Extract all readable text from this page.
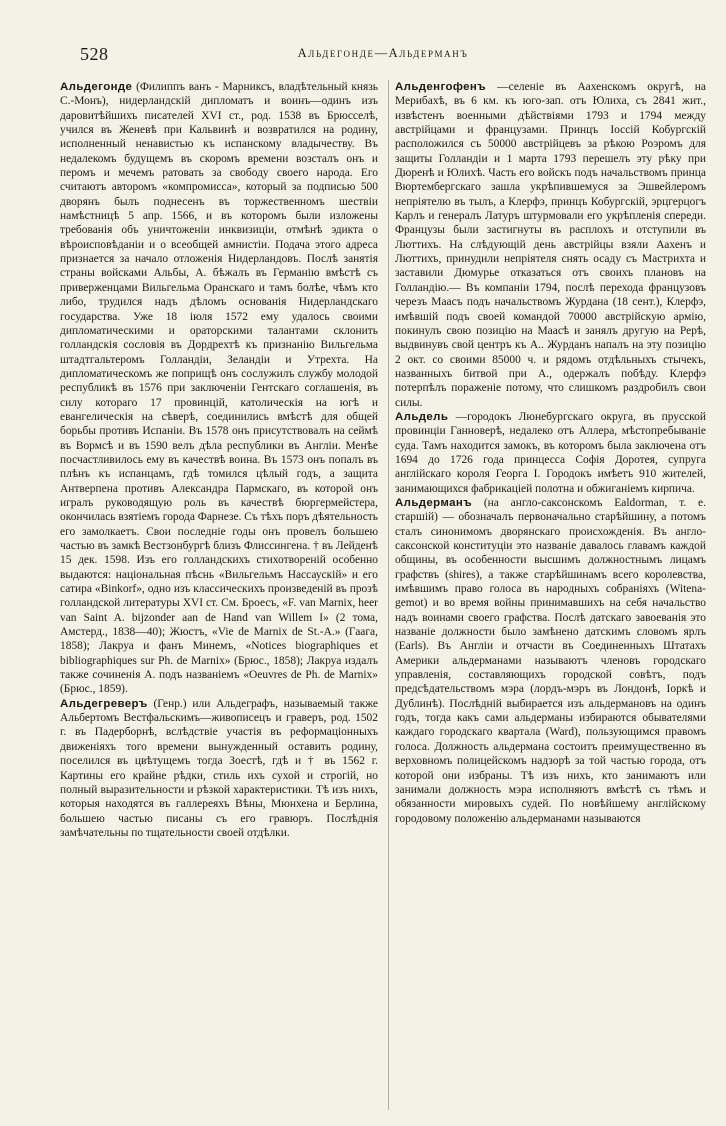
528	Альдегонде—Альдерманъ

Альдегонде (Филиппъ ванъ - Марниксъ, владѣтельный князь С.-Монъ), нидерландскій дипломатъ и воинъ—одинъ изъ даровитѣйшихъ писателей XVI ст., род. 1538 въ Брюсселѣ, учился въ Женевѣ при Кальвинѣ и возвратился на родину, исполненный ненавистью къ испанскому владычеству. Въ недалекомъ будущемъ въ скоромъ времени возсталъ онъ и перомъ и мечемъ ратовать за свободу своего народа. Его считаютъ авторомъ «компромисса», который за подписью 500 дворянъ былъ поднесенъ въ торжественномъ шествіи намѣстницѣ 5 апр. 1566, и въ которомъ были изложены требованія объ уничтоженіи инквизиціи, отмѣнѣ эдикта о вѣроисповѣданіи и о всеобщей амнистіи. Подача этого адреса признается за начало отложенія Нидерландовъ. Послѣ занятія страны войсками Альбы, А. бѣжалъ въ Германію вмѣстѣ съ приверженцами Вильгельма Оранскаго и тамъ болѣе, чѣмъ кто либо, трудился надъ дѣломъ основанія Нидерландскаго государства. Уже 18 іюля 1572 ему удалось своими дипломатическими и ораторскими талантами склонить голландскія сословія въ Дордрехтѣ къ признанію Вильгельма штадтгальтеромъ Голландіи, Зеландіи и Утрехта. На дипломатическомъ же поприщѣ онъ сослужилъ службу молодой республикѣ въ 1576 при заключеніи Гентскаго соглашенія, въ силу котораго 17 провинцій, католическія на югѣ и евангелическія на сѣверѣ, соединились вмѣстѣ для общей борьбы противъ Испаніи. Въ 1578 онъ присутствовалъ на сеймѣ въ Вормсѣ и въ 1590 велъ дѣла республики въ Англіи. Менѣе посчастливилось ему въ качествѣ воина. Въ 1573 онъ попалъ въ плѣнъ къ испанцамъ, гдѣ томился цѣлый годъ, а защита Антверпена противъ Александра Пармскаго, въ которой онъ игралъ руководящую роль въ качествѣ бюргермейстера, окончилась взятіемъ города Фарнезе. Съ тѣхъ поръ дѣятельность его замолкаетъ. Свои последніе годы онъ провелъ большею частью въ замкѣ Вестзонбургѣ близъ Флиссингена. † въ Лейденѣ 15 дек. 1598. Изъ его голландскихъ стихотвореній особенно выдаются: національная пѣснь «Вильгельмъ Нассаускій» и его сатира «Binkorf», одно изъ классическихъ произведеній въ прозѣ голландской литературы XVI ст. См. Броесъ, «F. van Marnix, heer van Saint A. bijzonder aan de Hand van Willem I» (2 тома, Амстерд., 1838—40); Жюстъ, «Vie de Marnix de St.-A.» (Гаага, 1858); Лакруа и фанъ Минемъ, «Notices biographiques et bibliographiques sur Ph. de Marnix» (Брюс., 1858); Лакруа издалъ также сочиненія А. подъ названіемъ «Oeuvres de Ph. de Marnix» (Брюс., 1859).

Альдегреверъ (Генр.) или Альдеграфъ, называемый также Альбертомъ Вестфальскимъ—живописецъ и граверъ, род. 1502 г. въ Падерборнѣ, вслѣдствіе участія въ реформаціонныхъ движеніяхъ того времени вынужденный оставить родину, поселился въ цвѣтущемъ тогда Зоестѣ, гдѣ и † въ 1562 г. Картины его крайне рѣдки, стиль ихъ сухой и строгій, но полный выразительности и рѣзкой характеристики. Тѣ изъ нихъ, которыя находятся въ галлереяхъ Вѣны, Мюнхена и Берлина, большею частью писаны съ его гравюръ. Послѣднія замѣчательны по тщательности своей отдѣлки.

Альденгофенъ —селеніе въ Аахенскомъ округѣ, на Мерибахѣ, въ 6 км. къ юго-зап. отъ Юлиха, съ 2841 жит., извѣстенъ военными дѣйствіями 1793 и 1794 между австрійцами и французами. Принцъ Іоссій Кобургскій расположился съ 50000 австрійцевъ за рѣкою Роэромъ для защиты Голландіи и 1 марта 1793 перешелъ эту рѣку при Дюренѣ и Юлихѣ. Часть его войскъ подъ начальствомъ принца Вюртембергскаго зашла укрѣпившемуся за Эшвейлеромъ непріятелю въ тылъ, а Клерфэ, принцъ Кобургскій, эрцгерцогъ Карлъ и генералъ Латуръ штурмовали его укрѣпленія спереди. Французы были застигнуты въ расплохъ и отступили въ Люттихъ. На слѣдующій день австрійцы взяли Аахенъ и Люттихъ, принудили непріятеля снять осаду съ Мастрихта и заставили Дюмурье отказаться отъ своихъ плановъ на Голландію.— Въ компаніи 1794, послѣ перехода французовъ черезъ Маасъ подъ начальствомъ Журдана (18 сент.), Клерфэ, имѣвшій подъ своей командой 70000 австрійскую армію, покинулъ свою позицію на Маасѣ и занялъ другую на Рерѣ, выдвинувъ свой центръ къ А.. Журданъ напалъ на эту позицію 2 окт. со своими 85000 ч. и рядомъ отдѣльныхъ стычекъ, названныхъ битвой при А., одержалъ побѣду. Клерфэ потерпѣлъ пораженіе потому, что слишкомъ раздробилъ свои силы.

Альдель —городокъ Люнебургскаго округа, въ прусской провинціи Ганноверѣ, недалеко отъ Аллера, мѣстопребываніе суда. Тамъ находится замокъ, въ которомъ была заключена отъ 1694 до 1726 года принцесса Софія Доротея, супруга англійскаго короля Георга I. Городокъ имѣетъ 910 жителей, занимающихся фабрикаціей полотна и обжиганіемъ кирпича.

Альдерманъ (на англо-саксонскомъ Ealdorman, т. е. старшій) — обозначалъ первоначально старѣйшину, а потомъ сталъ синонимомъ дворянскаго происхожденія. Въ англо-саксонской конституціи это названіе давалось главамъ каждой общины, въ особенности высшимъ должностнымъ лицамъ графствъ (shires), а также старѣйшинамъ всего королевства, имѣвшимъ право голоса въ народныхъ собраніяхъ (Witena-gemot) и во время войны принимавшихъ на себя начальство надъ воинами своего графства. Послѣ датскаго завоеванія это названіе должности было замѣнено датскимъ словомъ ярлъ (Earls). Въ Англіи и отчасти въ Соединенныхъ Штатахъ Америки альдерманами называютъ членовъ городскаго управленія, составляющихъ городской совѣтъ, подъ предсѣдательствомъ мэра (лордъ-мэръ въ Лондонѣ, Іоркѣ и Дублинѣ). Послѣдній выбирается изъ альдермановъ на одинъ годъ, тогда какъ сами альдерманы избираются обывателями каждаго городскаго квартала (Ward), пользующимся правомъ голоса. Должность альдермана состоитъ преимущественно въ верховномъ полицейскомъ надзорѣ за той частью города, отъ которой они избраны. Тѣ изъ нихъ, кто занимаютъ или занимали должность мэра исполняютъ вмѣстѣ съ тѣмъ и обязанности мировыхъ судей. По новѣйшему англійскому городовому положенію альдерманами называются
